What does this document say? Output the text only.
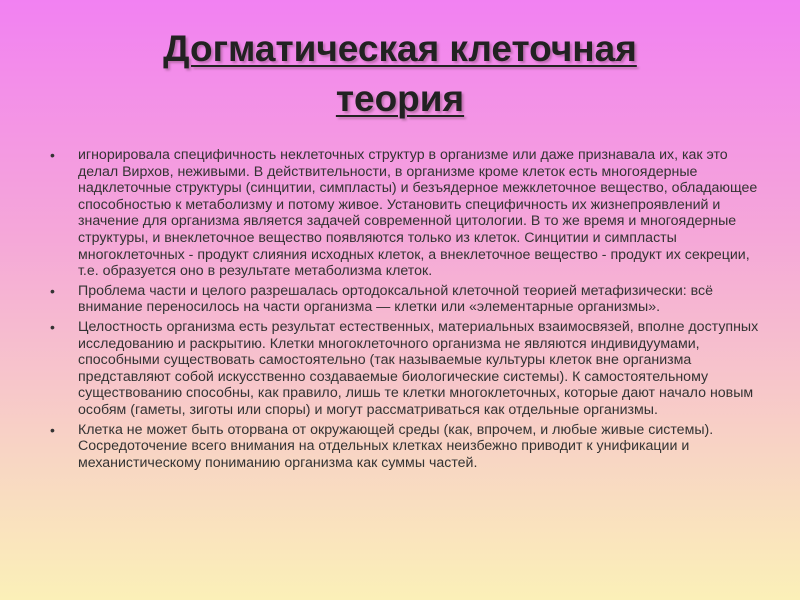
Догматическая клеточная
теория
• игнорировала специфичность неклеточных структур в организме или даже признавала их, как это делал Вирхов, неживыми. В действительности, в организме кроме клеток есть многоядерные надклеточные структуры (синцитии, симпласты) и безъядерное межклеточное вещество, обладающее способностью к метаболизму и потому живое. Установить специфичность их жизнепроявлений и значение для организма является задачей современной цитологии. В то же время и многоядерные структуры, и внеклеточное вещество появляются только из клеток. Синцитии и симпласты многоклеточных - продукт слияния исходных клеток, а внеклеточное вещество - продукт их секреции, т.е. образуется оно в результате метаболизма клеток.
• Проблема части и целого разрешалась ортодоксальной клеточной теорией метафизически: всё внимание переносилось на части организма — клетки или «элементарные организмы».
• Целостность организма есть результат естественных, материальных взаимосвязей, вполне доступных исследованию и раскрытию. Клетки многоклеточного организма не являются индивидуумами, способными существовать самостоятельно (так называемые культуры клеток вне организма представляют собой искусственно создаваемые биологические системы). К самостоятельному существованию способны, как правило, лишь те клетки многоклеточных, которые дают начало новым особям (гаметы, зиготы или споры) и могут рассматриваться как отдельные организмы.
• Клетка не может быть оторвана от окружающей среды (как, впрочем, и любые живые системы). Сосредоточение всего внимания на отдельных клетках неизбежно приводит к унификации и механистическому пониманию организма как суммы частей.
